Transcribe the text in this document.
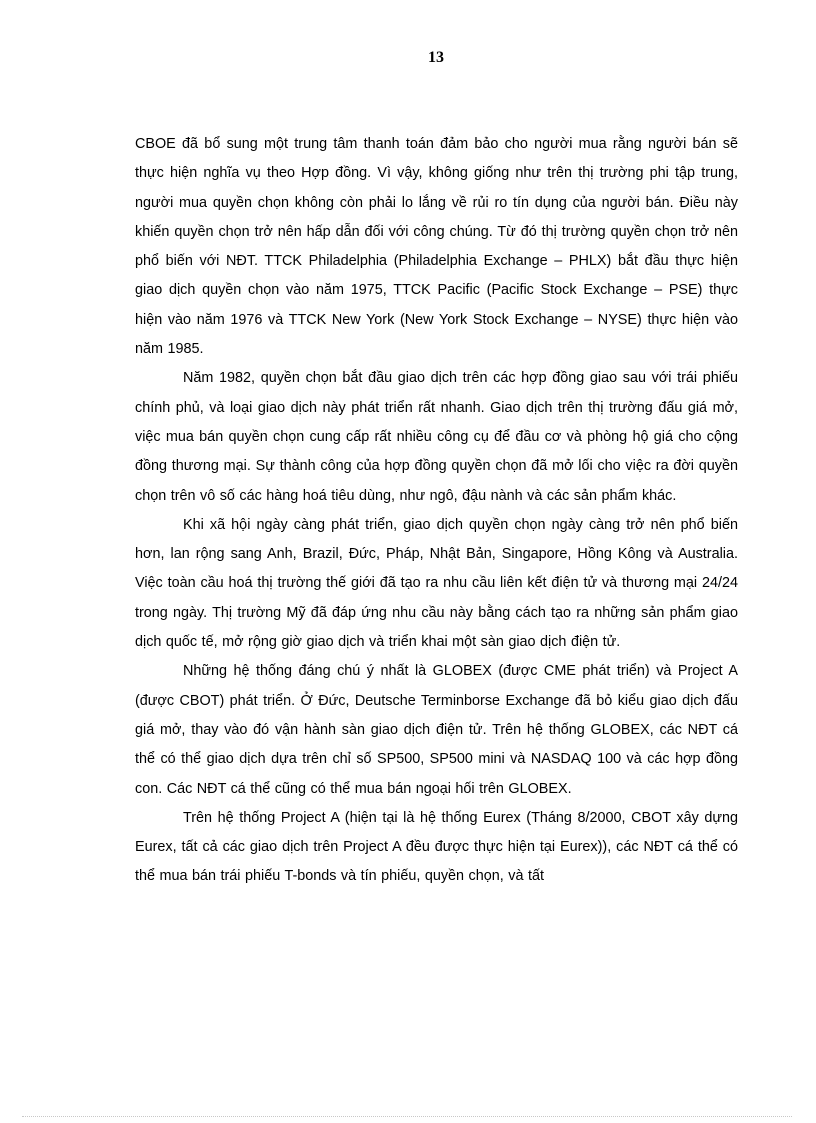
13

CBOE đã bổ sung một trung tâm thanh toán đảm bảo cho người mua rằng người bán sẽ thực hiện nghĩa vụ theo Hợp đồng. Vì vậy, không giống như trên thị trường phi tập trung, người mua quyền chọn không còn phải lo lắng về rủi ro tín dụng của người bán. Điều này khiến quyền chọn trở nên hấp dẫn đối với công chúng. Từ đó thị trường quyền chọn trở nên phổ biến với NĐT. TTCK Philadelphia (Philadelphia Exchange – PHLX) bắt đầu thực hiện giao dịch quyền chọn vào năm 1975, TTCK Pacific (Pacific Stock Exchange – PSE) thực hiện vào năm 1976 và TTCK New York (New York Stock Exchange – NYSE) thực hiện vào năm 1985.

Năm 1982, quyền chọn bắt đầu giao dịch trên các hợp đồng giao sau với trái phiếu chính phủ, và loại giao dịch này phát triển rất nhanh. Giao dịch trên thị trường đấu giá mở, việc mua bán quyền chọn cung cấp rất nhiều công cụ để đầu cơ và phòng hộ giá cho cộng đồng thương mại. Sự thành công của hợp đồng quyền chọn đã mở lối cho việc ra đời quyền chọn trên vô số các hàng hoá tiêu dùng, như ngô, đậu nành và các sản phẩm khác.

Khi xã hội ngày càng phát triển, giao dịch quyền chọn ngày càng trở nên phổ biến hơn, lan rộng sang Anh, Brazil, Đức, Pháp, Nhật Bản, Singapore, Hồng Kông và Australia. Việc toàn cầu hoá thị trường thế giới đã tạo ra nhu cầu liên kết điện tử và thương mại 24/24 trong ngày. Thị trường Mỹ đã đáp ứng nhu cầu này bằng cách tạo ra những sản phẩm giao dịch quốc tế, mở rộng giờ giao dịch và triển khai một sàn giao dịch điện tử.

Những hệ thống đáng chú ý nhất là GLOBEX (được CME phát triển) và Project A (được CBOT) phát triển. Ở Đức, Deutsche Terminborse Exchange đã bỏ kiểu giao dịch đấu giá mở, thay vào đó vận hành sàn giao dịch điện tử. Trên hệ thống GLOBEX, các NĐT cá thể có thể giao dịch dựa trên chỉ số SP500, SP500 mini và NASDAQ 100 và các hợp đồng con. Các NĐT cá thể cũng có thể mua bán ngoại hối trên GLOBEX.

Trên hệ thống Project A (hiện tại là hệ thống Eurex (Tháng 8/2000, CBOT xây dựng Eurex, tất cả các giao dịch trên Project A đều được thực hiện tại Eurex)), các NĐT cá thể có thể mua bán trái phiếu T-bonds và tín phiếu, quyền chọn, và tất
